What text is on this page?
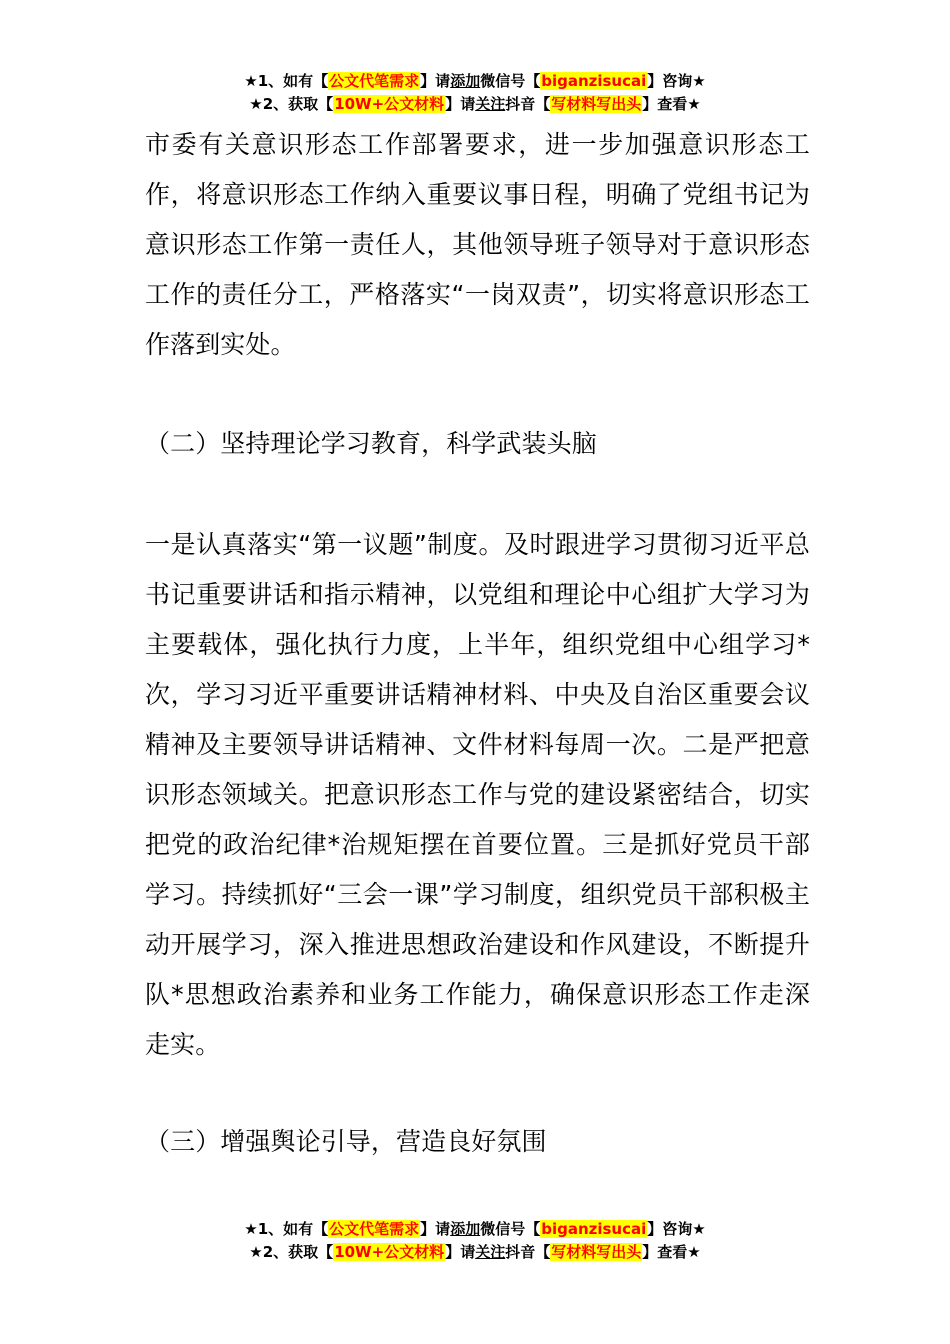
★1、如有【公文代笔需求】请添加微信号【biganzisucai】咨询★
★2、获取【10W+公文材料】请关注抖音【写材料写出头】查看★

市委有关意识形态工作部署要求，进一步加强意识形态工作，将意识形态工作纳入重要议事日程，明确了党组书记为意识形态工作第一责任人，其他领导班子领导对于意识形态工作的责任分工，严格落实“一岗双责”，切实将意识形态工作落到实处。

（二）坚持理论学习教育，科学武装头脑

一是认真落实“第一议题”制度。及时跟进学习贯彻习近平总书记重要讲话和指示精神，以党组和理论中心组扩大学习为主要载体，强化执行力度，上半年，组织党组中心组学习*次，学习习近平重要讲话精神材料、中央及自治区重要会议精神及主要领导讲话精神、文件材料每周一次。二是严把意识形态领域关。把意识形态工作与党的建设紧密结合，切实把党的政治纪律*治规矩摆在首要位置。三是抓好党员干部学习。持续抓好“三会一课”学习制度，组织党员干部积极主动开展学习，深入推进思想政治建设和作风建设，不断提升队*思想政治素养和业务工作能力，确保意识形态工作走深走实。

（三）增强舆论引导，营造良好氛围

★1、如有【公文代笔需求】请添加微信号【biganzisucai】咨询★
★2、获取【10W+公文材料】请关注抖音【写材料写出头】查看★
